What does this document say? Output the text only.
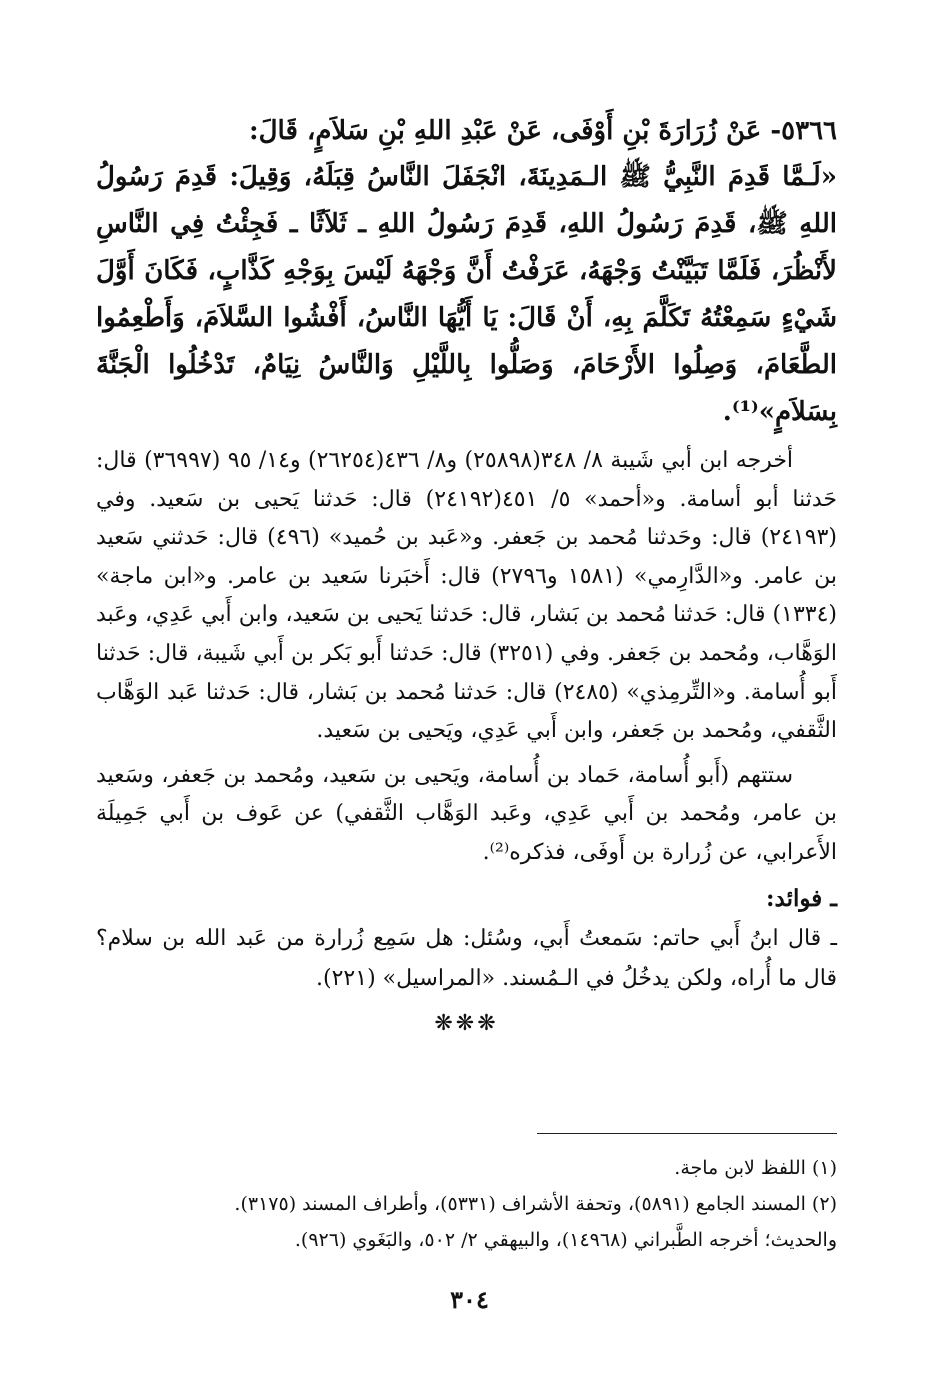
٥٣٦٦- عَنْ زُرَارَةَ بْنِ أَوْفَى، عَنْ عَبْدِ اللهِ بْنِ سَلاَمٍ، قَالَ:

«لَـمَّا قَدِمَ النَّبِيُّ ﷺ الـمَدِينَةَ، انْجَفَلَ النَّاسُ قِبَلَهُ، وَقِيلَ: قَدِمَ رَسُولُ اللهِ ﷺ، قَدِمَ رَسُولُ اللهِ، قَدِمَ رَسُولُ اللهِ ـ ثَلاَثًا ـ فَجِئْتُ فِي النَّاسِ لأَنْظُرَ، فَلَمَّا تَبَيَّنْتُ وَجْهَهُ، عَرَفْتُ أَنَّ وَجْهَهُ لَيْسَ بِوَجْهِ كَذَّابٍ، فَكَانَ أَوَّلَ شَيْءٍ سَمِعْتُهُ تَكَلَّمَ بِهِ، أَنْ قَالَ: يَا أَيُّهَا النَّاسُ، أَفْشُوا السَّلاَمَ، وَأَطْعِمُوا الطَّعَامَ، وَصِلُوا الأَرْحَامَ، وَصَلُّوا بِاللَّيْلِ وَالنَّاسُ نِيَامٌ، تَدْخُلُوا الْجَنَّةَ بِسَلاَمٍ»⁽¹⁾.

أخرجه ابن أبي شَيبة ٨/ ٣٤٨(٢٥٨٩٨) و٨/ ٤٣٦(٢٦٢٥٤) و١٤/ ٩٥ (٣٦٩٩٧) قال: حَدثنا أبو أسامة. و«أحمد» ٥/ ٤٥١(٢٤١٩٢) قال: حَدثنا يَحيى بن سَعيد. وفي (٢٤١٩٣) قال: وحَدثنا مُحمد بن جَعفر. و«عَبد بن حُميد» (٤٩٦) قال: حَدثني سَعيد بن عامر. و«الدَّارِمي» (١٥٨١ و٢٧٩٦) قال: أَخبَرنا سَعيد بن عامر. و«ابن ماجة» (١٣٣٤) قال: حَدثنا مُحمد بن بَشار، قال: حَدثنا يَحيى بن سَعيد، وابن أَبي عَدِي، وعَبد الوَهَّاب، ومُحمد بن جَعفر. وفي (٣٢٥١) قال: حَدثنا أَبو بَكر بن أَبي شَيبة، قال: حَدثنا أَبو أُسامة. و«التِّرمِذي» (٢٤٨٥) قال: حَدثنا مُحمد بن بَشار، قال: حَدثنا عَبد الوَهَّاب الثَّقفي، ومُحمد بن جَعفر، وابن أَبي عَدِي، ويَحيى بن سَعيد.

ستتهم (أَبو أُسامة، حَماد بن أُسامة، ويَحيى بن سَعيد، ومُحمد بن جَعفر، وسَعيد بن عامر، ومُحمد بن أَبي عَدِي، وعَبد الوَهَّاب الثَّقفي) عن عَوف بن أَبي جَمِيلَة الأَعرابي، عن زُرارة بن أَوفَى، فذكره⁽²⁾.

ـ فوائد:

ـ قال ابنُ أَبي حاتم: سَمعتُ أَبي، وسُئل: هل سَمِع زُرارة من عَبد الله بن سلام؟ قال ما أُراه، ولكن يدخُلُ في الـمُسند. «المراسيل» (٢٢١).

❋❋❋

(١) اللفظ لابن ماجة.

(٢) المسند الجامع (٥٨٩١)، وتحفة الأشراف (٥٣٣١)، وأطراف المسند (٣١٧٥).

والحديث؛ أخرجه الطَّبراني (١٤٩٦٨)، والبيهقي ٢/ ٥٠٢، والبَغَوي (٩٢٦).

٣٠٤
